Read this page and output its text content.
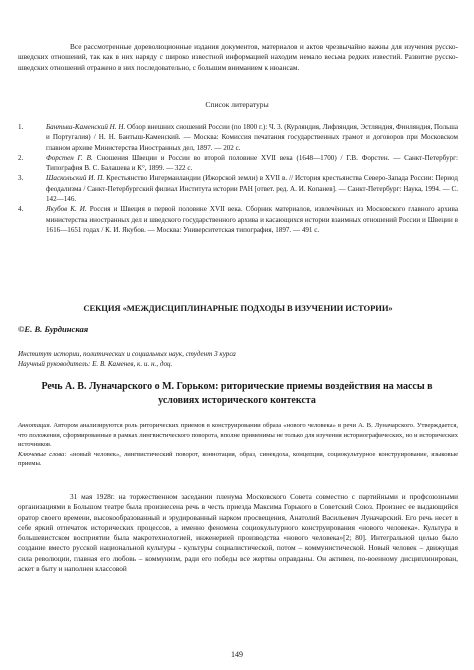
Все рассмотренные дореволюционные издания документов, материалов и актов чрезвычайно важны для изучения русско-шведских отношений, так как в них наряду с широко известной информацией находим немало весьма редких известий. Развитие русско-шведских отношений отражено в них последовательно, с большим вниманием к нюансам.

Список литературы

1.	Бантыш-Каменский Н. Н. Обзор внешних сношений России (по 1800 г.): Ч. 3. (Курляндия, Лифляндия, Эстляндия, Финляндия, Польша и Португалия) / Н. Н. Бантыш-Каменский. — Москва: Комиссия печатания государственных грамот и договоров при Московском главном архиве Министерства Иностранных дел, 1897. — 202 с.
2.	Форстен Г. В. Сношения Швеции и России во второй половине XVII века (1648—1700) / Г.В. Форстен. — Санкт-Петербург: Типография В. С. Балашева и К°, 1899. — 322 с.
3.	Шаскольский И. П. Крестьянство Ингерманландии (Ижорской земли) в XVII в. // История крестьянства Северо-Запада России: Период феодализма / Санкт-Петербургский филиал Института истории РАН [ответ. ред. А. И. Копанев]. — Санкт-Петербург: Наука, 1994. — С. 142—146.
4.	Якубов К. И. Россия и Швеция в первой половине XVII века. Сборник материалов, извлечённых из Московского главного архива министерства иностранных дел и шведского государственного архива и касающихся истории взаимных отношений России и Швеции в 1616—1651 годах / К. И. Якубов. — Москва: Университетская типография, 1897. — 491 с.

СЕКЦИЯ «МЕЖДИСЦИПЛИНАРНЫЕ ПОДХОДЫ В ИЗУЧЕНИИ ИСТОРИИ»

©Е. В. Бурдинская

Институт истории, политических и социальных наук, студент 3 курса

Научный руководитель: Е. В. Каменев, к. и. н., доц.

Речь А. В. Луначарского о М. Горьком: риторические приемы воздействия на массы в условиях исторического контекста

Аннотация. Автором анализируются роль риторических приемов в конструировании образа «нового человека» в речи А. В. Луначарского. Утверждается, что положения, сформированные в рамках лингвистического поворота, вполне применимы не только для изучения историографических, но и исторических источников.

Ключевые слова: «новый человек», лингвистический поворот, коннотация, образ, синекдоха, концепция, социокультурное конструирование, языковые приемы.

31 мая 1928г. на торжественном заседании пленума Московского Совета совместно с партийными и профсоюзными организациями в Большом театре была произнесена речь в честь приезда Максима Горького в Советский Союз. Произнес ее выдающийся оратор своего времени, высокообразованный и эрудированный нарком просвещения, Анатолий Васильевич Луначарский. Его речь несет в себе яркий отпечаток исторических процессов, а именно феномена социокультурного конструирования «нового человека». Культура в большевистском восприятии была макротехнологией, инженерией производства «нового человека»[2; 80]. Интегральной целью было создание вместо русской национальной культуры - культуры социалистической, потом – коммунистической. Новый человек – движущая сила революции, главная его любовь – коммунизм, ради его победы все жертвы оправданы. Он активен, по-военному дисциплинирован, аскет в быту и наполнен классовой

149
